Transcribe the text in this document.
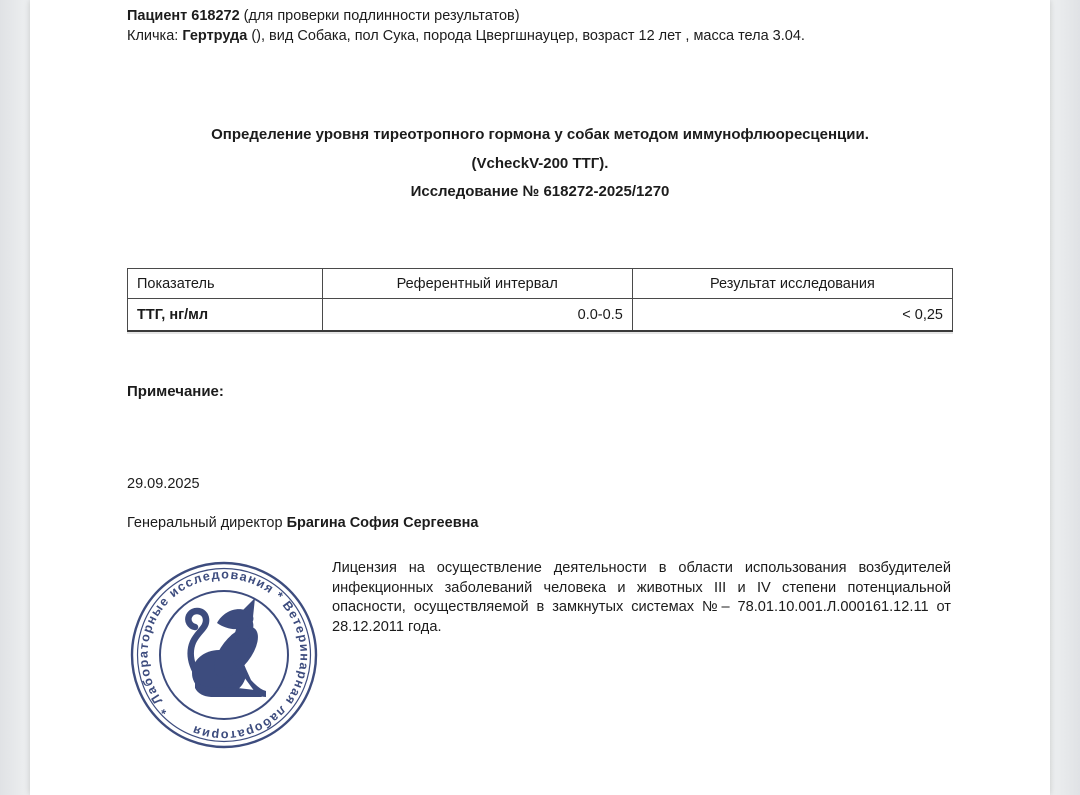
Пациент 618272 (для проверки подлинности результатов)
Кличка: Гертруда (), вид Собака, пол Сука, порода Цвергшнауцер, возраст 12 лет , масса тела 3.04.
Определение уровня тиреотропного гормона у собак методом иммунофлюоресценции.
(VcheckV-200 ТТГ).
Исследование № 618272-2025/1270
Показатель	Референтный интервал	Результат исследования
ТТГ, нг/мл	0.0-0.5	< 0,25
Примечание:
29.09.2025
Генеральный директор Брагина София Сергеевна
Лицензия на осуществление деятельности в области использования возбудителей инфекционных заболеваний человека и животных III и IV степени потенциальной опасности, осуществляемой в замкнутых системах №– 78.01.10.001.Л.000161.12.11 от 28.12.2011 года.
* Лабораторные исследования * Ветеринарная лаборатория
